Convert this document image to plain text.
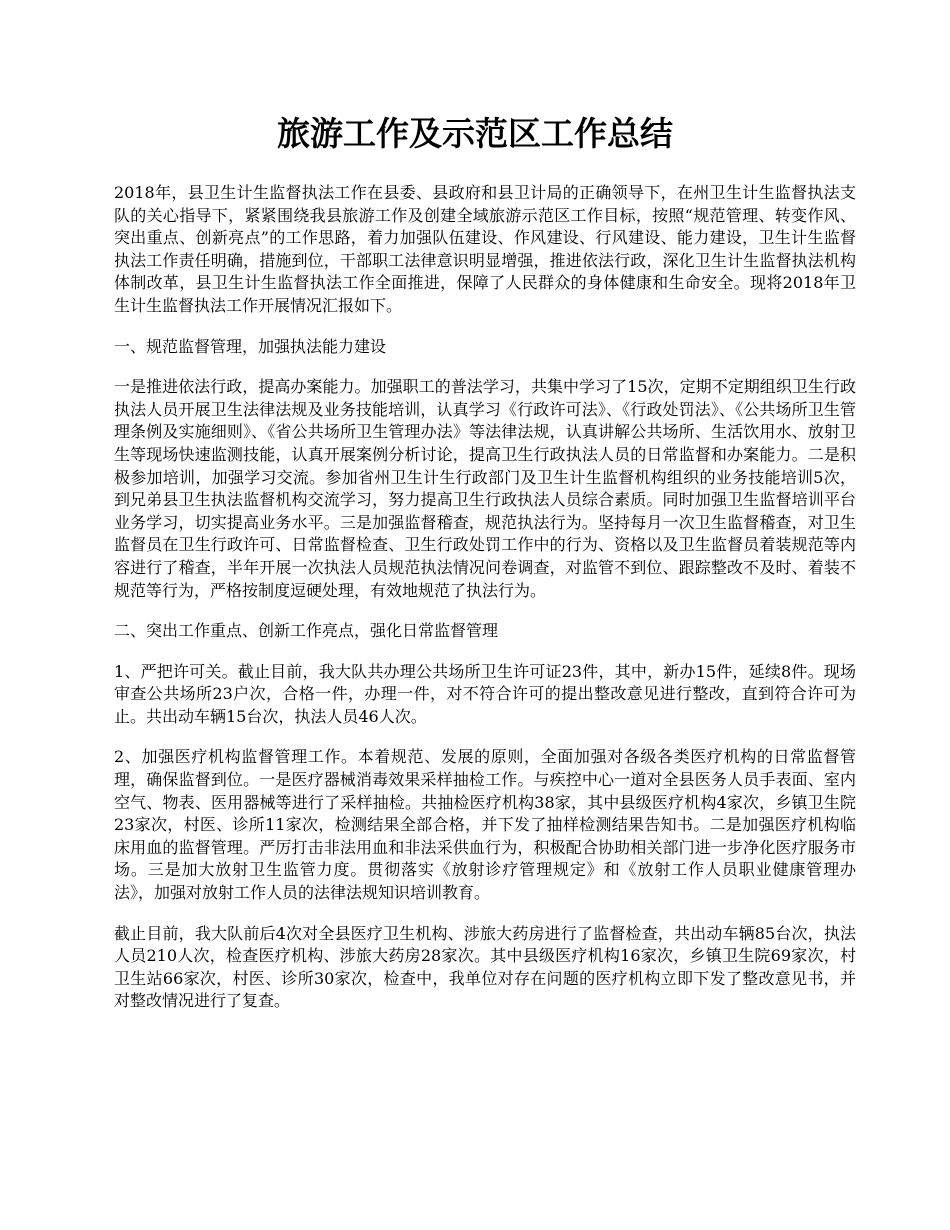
旅游工作及示范区工作总结

2018年，县卫生计生监督执法工作在县委、县政府和县卫计局的正确领导下，在州卫生计生监督执法支队的关心指导下，紧紧围绕我县旅游工作及创建全域旅游示范区工作目标，按照“规范管理、转变作风、突出重点、创新亮点”的工作思路，着力加强队伍建设、作风建设、行风建设、能力建设，卫生计生监督执法工作责任明确，措施到位，干部职工法律意识明显增强，推进依法行政，深化卫生计生监督执法机构体制改革，县卫生计生监督执法工作全面推进，保障了人民群众的身体健康和生命安全。现将2018年卫生计生监督执法工作开展情况汇报如下。

一、规范监督管理，加强执法能力建设

一是推进依法行政，提高办案能力。加强职工的普法学习，共集中学习了15次，定期不定期组织卫生行政执法人员开展卫生法律法规及业务技能培训，认真学习《行政许可法》、《行政处罚法》、《公共场所卫生管理条例及实施细则》、《省公共场所卫生管理办法》等法律法规，认真讲解公共场所、生活饮用水、放射卫生等现场快速监测技能，认真开展案例分析讨论，提高卫生行政执法人员的日常监督和办案能力。二是积极参加培训，加强学习交流。参加省州卫生计生行政部门及卫生计生监督机构组织的业务技能培训5次，到兄弟县卫生执法监督机构交流学习，努力提高卫生行政执法人员综合素质。同时加强卫生监督培训平台业务学习，切实提高业务水平。三是加强监督稽查，规范执法行为。坚持每月一次卫生监督稽查，对卫生监督员在卫生行政许可、日常监督检查、卫生行政处罚工作中的行为、资格以及卫生监督员着装规范等内容进行了稽查，半年开展一次执法人员规范执法情况问卷调查，对监管不到位、跟踪整改不及时、着装不规范等行为，严格按制度逗硬处理，有效地规范了执法行为。

二、突出工作重点、创新工作亮点，强化日常监督管理

1、严把许可关。截止目前，我大队共办理公共场所卫生许可证23件，其中，新办15件，延续8件。现场审查公共场所23户次，合格一件，办理一件，对不符合许可的提出整改意见进行整改，直到符合许可为止。共出动车辆15台次，执法人员46人次。

2、加强医疗机构监督管理工作。本着规范、发展的原则，全面加强对各级各类医疗机构的日常监督管理，确保监督到位。一是医疗器械消毒效果采样抽检工作。与疾控中心一道对全县医务人员手表面、室内空气、物表、医用器械等进行了采样抽检。共抽检医疗机构38家，其中县级医疗机构4家次，乡镇卫生院23家次，村医、诊所11家次，检测结果全部合格，并下发了抽样检测结果告知书。二是加强医疗机构临床用血的监督管理。严厉打击非法用血和非法采供血行为，积极配合协助相关部门进一步净化医疗服务市场。三是加大放射卫生监管力度。贯彻落实《放射诊疗管理规定》和《放射工作人员职业健康管理办法》，加强对放射工作人员的法律法规知识培训教育。

截止目前，我大队前后4次对全县医疗卫生机构、涉旅大药房进行了监督检查，共出动车辆85台次，执法人员210人次，检查医疗机构、涉旅大药房28家次。其中县级医疗机构16家次，乡镇卫生院69家次，村卫生站66家次，村医、诊所30家次，检查中，我单位对存在问题的医疗机构立即下发了整改意见书，并对整改情况进行了复查。
